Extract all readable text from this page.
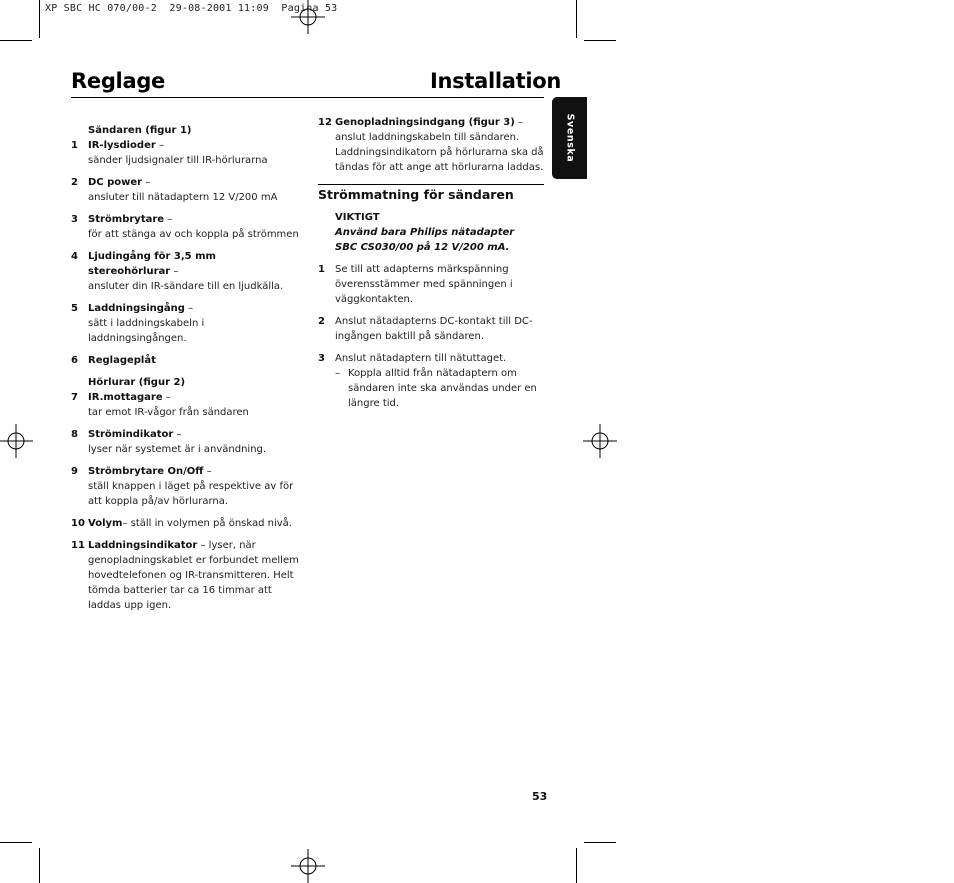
XP SBC HC 070/00-2  29-08-2001 11:09  Pagina 53
Reglage	Installation
Svenska
Sändaren (figur 1)
1 IR-lysdioder –
sänder ljudsignaler till IR-hörlurarna
2 DC power –
ansluter till nätadaptern 12 V/200 mA
3 Strömbrytare –
för att stänga av och koppla på strömmen
4 Ljudingång för 3,5 mm stereohörlurar –
ansluter din IR-sändare till en ljudkälla.
5 Laddningsingång –
sätt i laddningskabeln i laddningsingången.
6 Reglageplåt
Hörlurar (figur 2)
7 IR.mottagare –
tar emot IR-vågor från sändaren
8 Strömindikator –
lyser när systemet är i användning.
9 Strömbrytare On/Off –
ställ knappen i läget på respektive av för att koppla på/av hörlurarna.
10 Volym– ställ in volymen på önskad nivå.
11 Laddningsindikator – lyser, när genopladningskablet er forbundet mellem hovedtelefonen og IR-transmitteren. Helt tömda batterier tar ca 16 timmar att laddas upp igen.
12 Genopladningsindgang (figur 3) –
anslut laddningskabeln till sändaren. Laddningsindikatorn på hörlurarna ska då tändas för att ange att hörlurarna laddas.
Strömmatning för sändaren
VIKTIGT
Använd bara Philips nätadapter
SBC CS030/00 på 12 V/200 mA.
1 Se till att adapterns märkspänning överensstämmer med spänningen i väggkontakten.
2 Anslut nätadapterns DC-kontakt till DC-ingången baktill på sändaren.
3 Anslut nätadaptern till nätuttaget.
– Koppla alltid från nätadaptern om sändaren inte ska användas under en längre tid.
53
